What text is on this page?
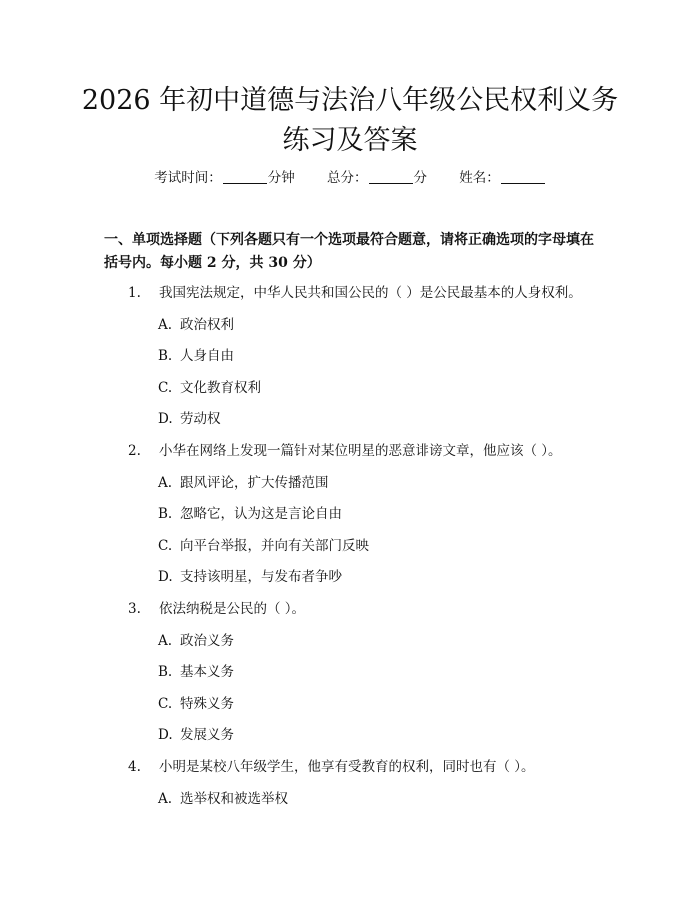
2026 年初中道德与法治八年级公民权利义务
练习及答案
考试时间：	分钟 总分：	分 姓名：
一、单项选择题（下列各题只有一个选项最符合题意，请将正确选项的字母填在括号内。每小题 2 分，共 30 分）
1. 我国宪法规定，中华人民共和国公民的（ ）是公民最基本的人身权利。
A. 政治权利
B. 人身自由
C. 文化教育权利
D. 劳动权
2. 小华在网络上发现一篇针对某位明星的恶意诽谤文章，他应该（ ）。
A. 跟风评论，扩大传播范围
B. 忽略它，认为这是言论自由
C. 向平台举报，并向有关部门反映
D. 支持该明星，与发布者争吵
3. 依法纳税是公民的（ ）。
A. 政治义务
B. 基本义务
C. 特殊义务
D. 发展义务
4. 小明是某校八年级学生，他享有受教育的权利，同时也有（ ）。
A. 选举权和被选举权
